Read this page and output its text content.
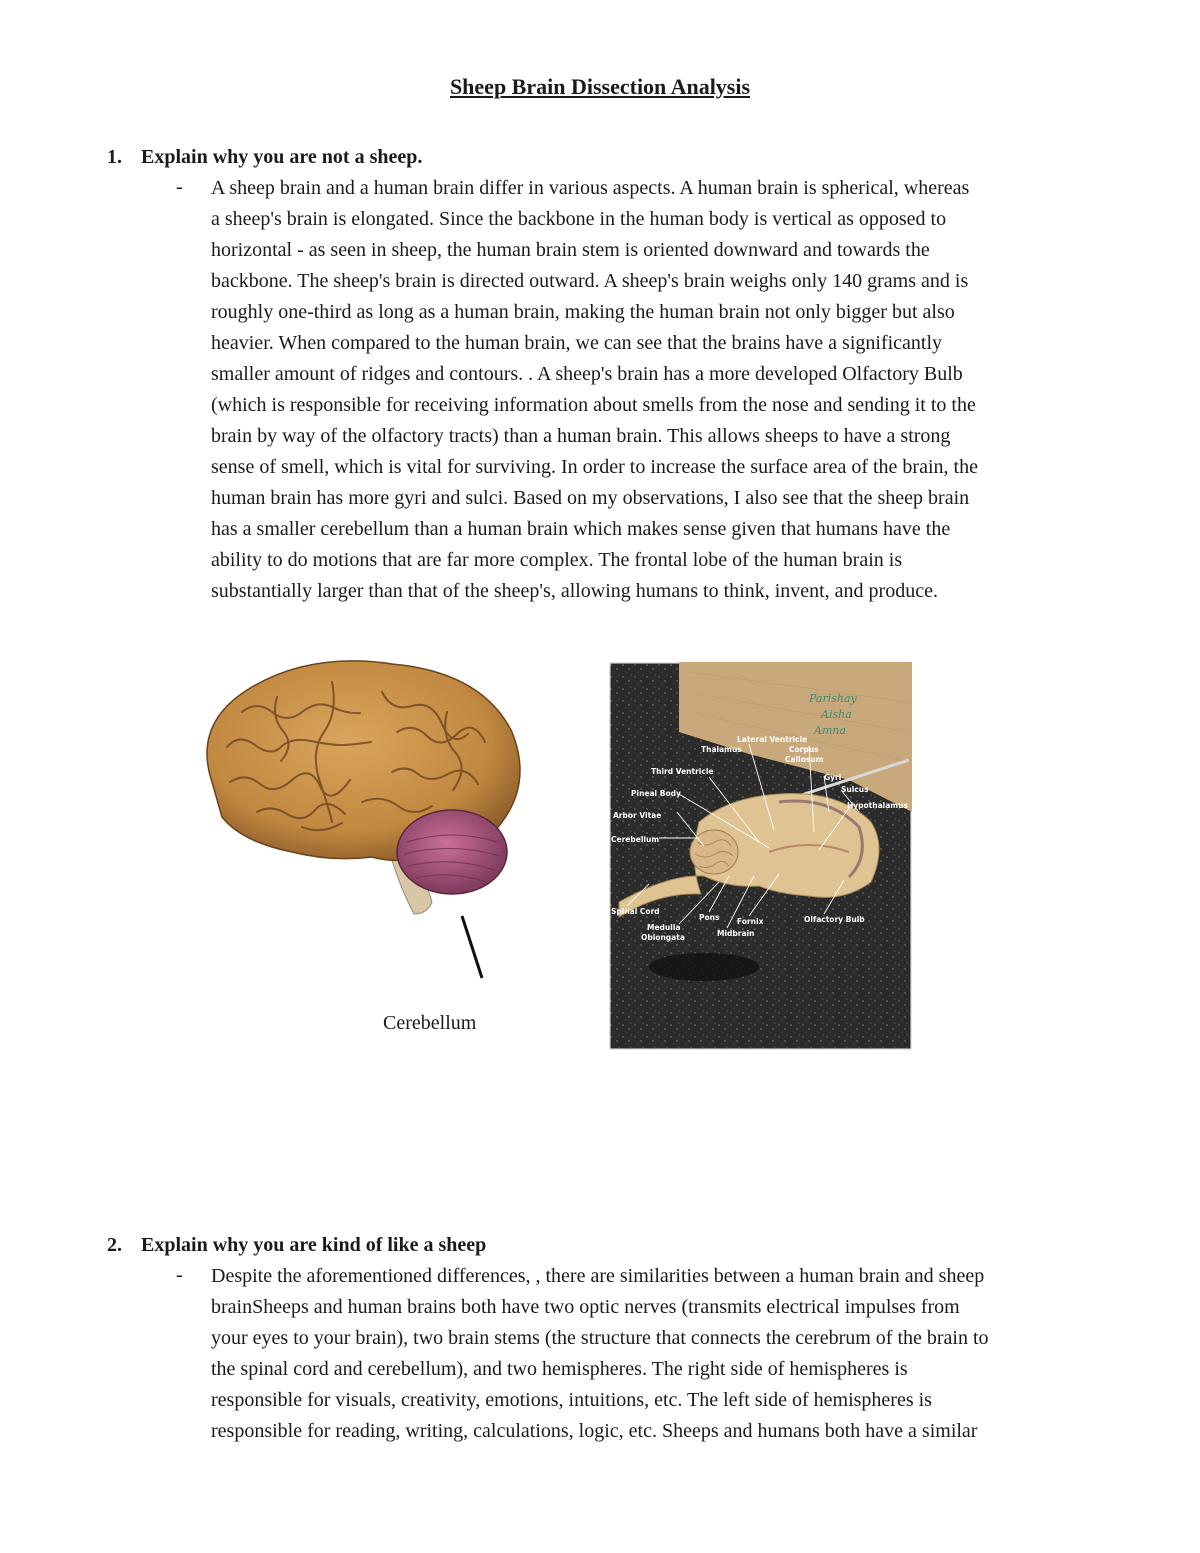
Sheep Brain Dissection Analysis
1. Explain why you are not a sheep.
- A sheep brain and a human brain differ in various aspects. A human brain is spherical, whereas
a sheep's brain is elongated. Since the backbone in the human body is vertical as opposed to
horizontal - as seen in sheep, the human brain stem is oriented downward and towards the
backbone. The sheep's brain is directed outward. A sheep's brain weighs only 140 grams and is
roughly one-third as long as a human brain, making the human brain not only bigger but also
heavier. When compared to the human brain, we can see that the brains have a significantly
smaller amount of ridges and contours. . A sheep's brain has a more developed Olfactory Bulb
(which is responsible for receiving information about smells from the nose and sending it to the
brain by way of the olfactory tracts) than a human brain. This allows sheeps to have a strong
sense of smell, which is vital for surviving. In order to increase the surface area of the brain, the
human brain has more gyri and sulci. Based on my observations, I also see that the sheep brain
has a smaller cerebellum than a human brain which makes sense given that humans have the
ability to do motions that are far more complex. The frontal lobe of the human brain is
substantially larger than that of the sheep's, allowing humans to think, invent, and produce.

Cerebellum
Parishay
Aisha
Amna
Lateral Ventricle
Thalamus	Corpus
Callosum
Third Ventricle
Gyri
Sulcus
Pineal Body
Hypothalamus
Arbor Vitae
Cerebellum
Spinal Cord
Pons Fornix	Olfactory Bulb
Medulla
Oblongata	Midbrain
2. Explain why you are kind of like a sheep
- Despite the aforementioned differences, , there are similarities between a human brain and sheep
brainSheeps and human brains both have two optic nerves (transmits electrical impulses from
your eyes to your brain), two brain stems (the structure that connects the cerebrum of the brain to
the spinal cord and cerebellum), and two hemispheres. The right side of hemispheres is
responsible for visuals, creativity, emotions, intuitions, etc. The left side of hemispheres is
responsible for reading, writing, calculations, logic, etc. Sheeps and humans both have a similar
